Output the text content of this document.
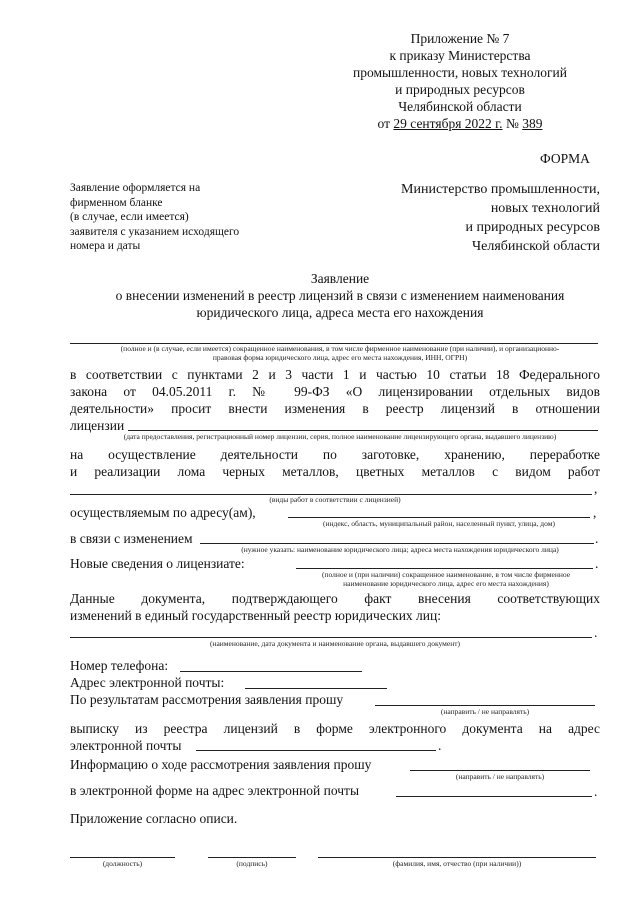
Приложение № 7
к приказу Министерства
промышленности, новых технологий
и природных ресурсов
Челябинской области
от 29 сентября 2022 г. № 389
ФОРМА
Заявление оформляется на
фирменном бланке
(в случае, если имеется)
заявителя с указанием исходящего
номера и даты
Министерство промышленности,
новых технологий
и природных ресурсов
Челябинской области
Заявление
о внесении изменений в реестр лицензий в связи с изменением наименования
юридического лица, адреса места его нахождения
(полное и (в случае, если имеется) сокращенное наименования, в том числе фирменное наименование (при наличии), и организационно-
правовая форма юридического лица, адрес его места нахождения, ИНН, ОГРН)
в соответствии с пунктами 2 и 3 части 1 и частью 10 статьи 18 Федерального
закона от 04.05.2011 г. № 99-ФЗ «О лицензировании отдельных видов
деятельности» просит внести изменения в реестр лицензий в отношении
лицензии
(дата предоставления, регистрационный номер лицензии, серия, полное наименование лицензирующего органа, выдавшего лицензию)
на осуществление деятельности по заготовке, хранению, переработке
и реализации лома черных металлов, цветных металлов с видом работ
,
(виды работ в соответствии с лицензией)
осуществляемым по адресу(ам),	,
(индекс, область, муниципальный район, населенный пункт, улица, дом)
в связи с изменением	.
(нужное указать: наименование юридического лица; адреса места нахождения юридического лица)
Новые сведения о лицензиате:	.
(полное и (при наличии) сокращенное наименование, в том числе фирменное
наименование юридического лица, адрес его места нахождения)
Данные документа, подтверждающего факт внесения соответствующих
изменений в единый государственный реестр юридических лиц:
.
(наименование, дата документа и наименование органа, выдавшего документ)
Номер телефона:
Адрес электронной почты:
По результатам рассмотрения заявления прошу
(направить / не направлять)
выписку из реестра лицензий в форме электронного документа на адрес
электронной почты	.
Информацию о ходе рассмотрения заявления прошу
(направить / не направлять)
в электронной форме на адрес электронной почты	.
Приложение согласно описи.
(должность)	(подпись)	(фамилия, имя, отчество (при наличии))
